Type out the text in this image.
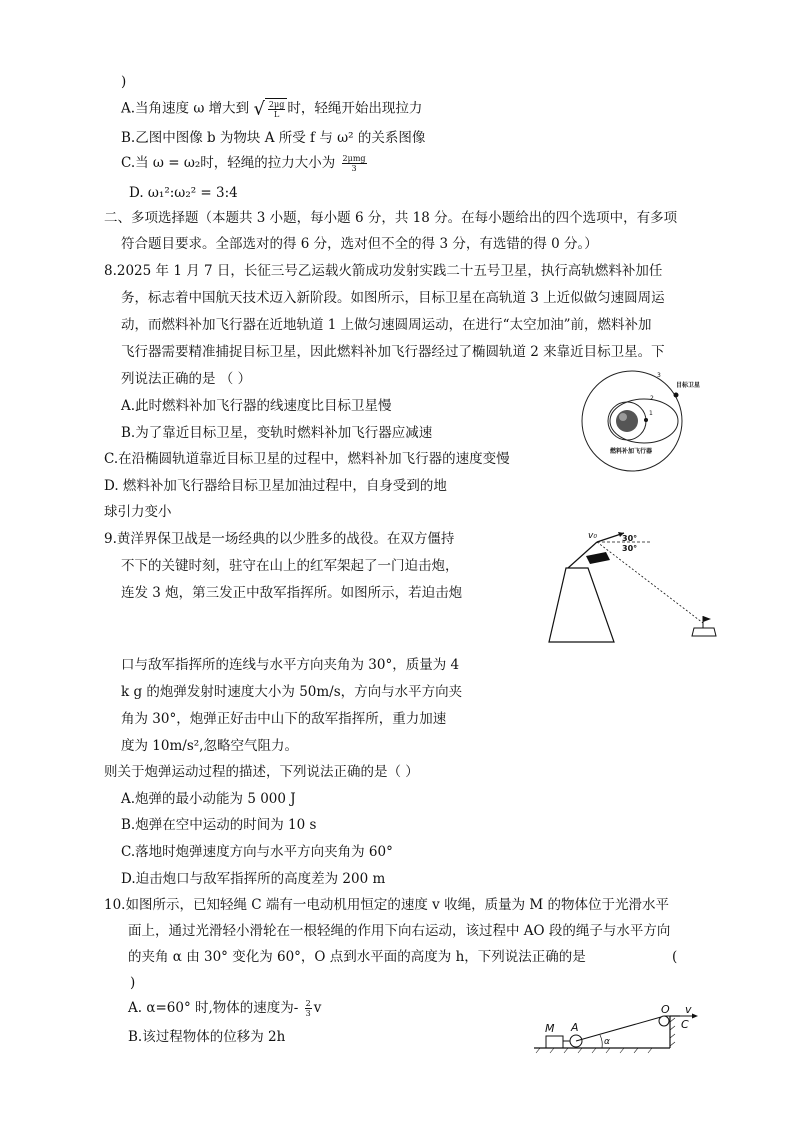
)
A.当角速度 ω 增大到 √ $\frac{2\mu g}{L}$ 时，轻绳开始出现拉力
B.乙图中图像 b 为物块 A 所受 f 与 ω² 的关系图像
C.当 ω = ω₂时，轻绳的拉力大小为 $\frac{\text{2μmg}}{3}$
D. ω₁²:ω₂² = 3:4
二、多项选择题（本题共 3 小题，每小题 6 分，共 18 分。在每小题给出的四个选项中，有多项
符合题目要求。全部选对的得 6 分，选对但不全的得 3 分，有选错的得 0 分。）
8.2025 年 1 月 7 日，长征三号乙运载火箭成功发射实践二十五号卫星，执行高轨燃料补加任
务，标志着中国航天技术迈入新阶段。如图所示，目标卫星在高轨道 3 上近似做匀速圆周运
动，而燃料补加飞行器在近地轨道 1 上做匀速圆周运动，在进行“太空加油”前，燃料补加
飞行器需要精准捕捉目标卫星，因此燃料补加飞行器经过了椭圆轨道 2 来靠近目标卫星。下
列说法正确的是 （ ）
A.此时燃料补加飞行器的线速度比目标卫星慢
B.为了靠近目标卫星，变轨时燃料补加飞行器应减速
C.在沿椭圆轨道靠近目标卫星的过程中，燃料补加飞行器的速度变慢
D. 燃料补加飞行器给目标卫星加油过程中，自身受到的地
球引力变小
3
2
1
目标卫星
燃料补加飞行器
9.黄洋界保卫战是一场经典的以少胜多的战役。在双方僵持
不下的关键时刻，驻守在山上的红军架起了一门迫击炮，
连发 3 炮，第三发正中敌军指挥所。如图所示，若迫击炮
口与敌军指挥所的连线与水平方向夹角为 30°，质量为 4
k g 的炮弹发射时速度大小为 50m/s，方向与水平方向夹
角为 30°，炮弹正好击中山下的敌军指挥所，重力加速
度为 10m/s²,忽略空气阻力。
则关于炮弹运动过程的描述，下列说法正确的是（ ）
A.炮弹的最小动能为 5 000 J
B.炮弹在空中运动的时间为 10 s
C.落地时炮弹速度方向与水平方向夹角为 60°
D.迫击炮口与敌军指挥所的高度差为 200 m
v₀	30°
30°
10.如图所示，已知轻绳 C 端有一电动机用恒定的速度 v 收绳，质量为 M 的物体位于光滑水平
面上，通过光滑轻小滑轮在一根轻绳的作用下向右运动，该过程中 AO 段的绳子与水平方向
的夹角 α 由 30° 变化为 60°，O 点到水平面的高度为 h，下列说法正确的是	(
)
A. α=60° 时,物体的速度为- $\frac{2}{3}$ v
B.该过程物体的位移为 2h
M A
α
O v
C
